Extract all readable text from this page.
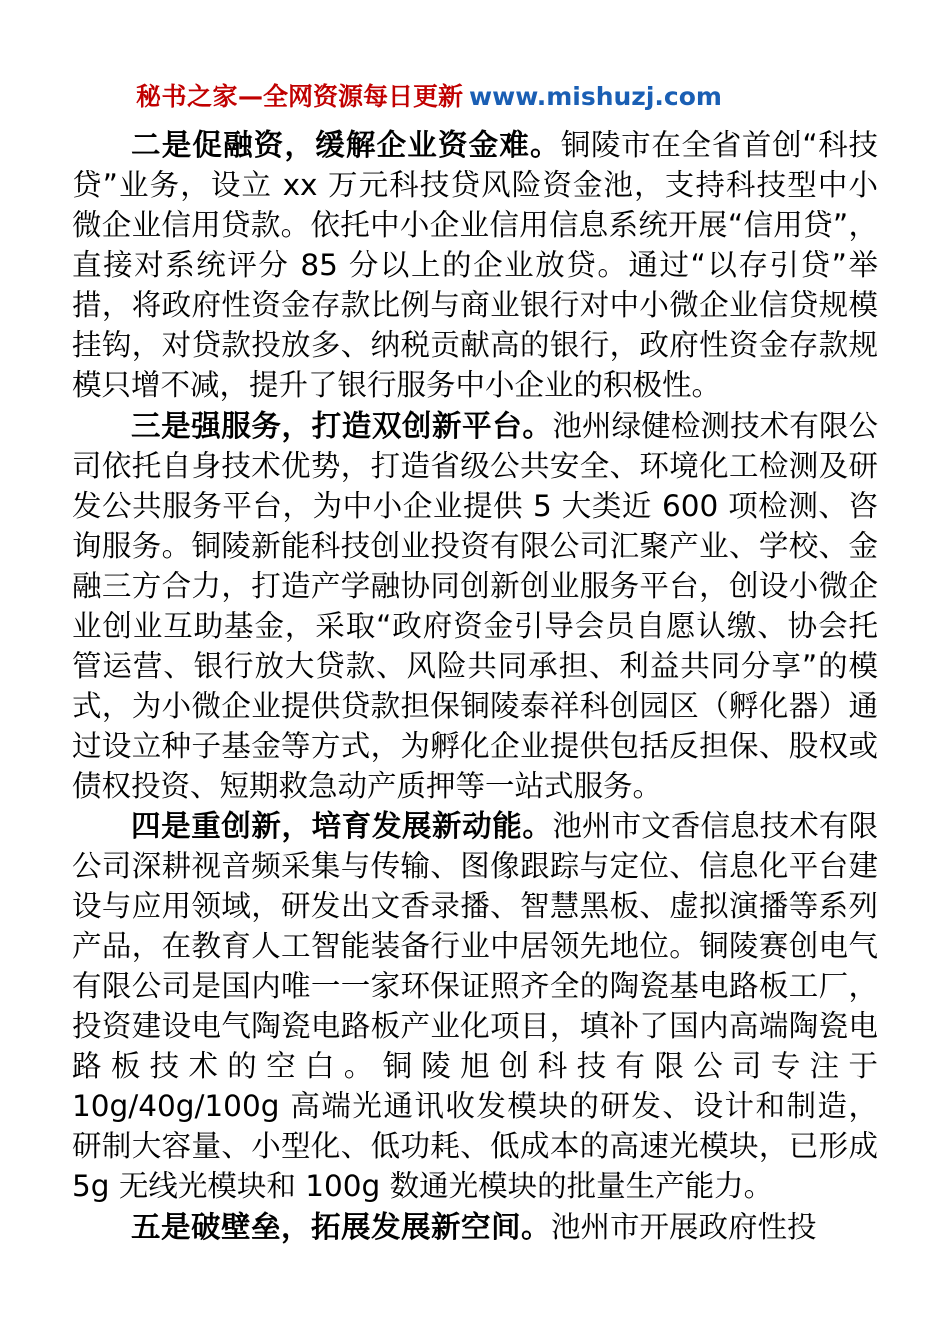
秘书之家—全网资源每日更新 www.mishuzj.com

二是促融资，缓解企业资金难。铜陵市在全省首创“科技贷”业务，设立 xx 万元科技贷风险资金池，支持科技型中小微企业信用贷款。依托中小企业信用信息系统开展“信用贷”，直接对系统评分 85 分以上的企业放贷。通过“以存引贷”举措，将政府性资金存款比例与商业银行对中小微企业信贷规模挂钩，对贷款投放多、纳税贡献高的银行，政府性资金存款规模只增不减，提升了银行服务中小企业的积极性。

三是强服务，打造双创新平台。池州绿健检测技术有限公司依托自身技术优势，打造省级公共安全、环境化工检测及研发公共服务平台，为中小企业提供 5 大类近 600 项检测、咨询服务。铜陵新能科技创业投资有限公司汇聚产业、学校、金融三方合力，打造产学融协同创新创业服务平台，创设小微企业创业互助基金，采取“政府资金引导会员自愿认缴、协会托管运营、银行放大贷款、风险共同承担、利益共同分享”的模式，为小微企业提供贷款担保铜陵泰祥科创园区（孵化器）通过设立种子基金等方式，为孵化企业提供包括反担保、股权或债权投资、短期救急动产质押等一站式服务。

四是重创新，培育发展新动能。池州市文香信息技术有限公司深耕视音频采集与传输、图像跟踪与定位、信息化平台建设与应用领域，研发出文香录播、智慧黑板、虚拟演播等系列产品，在教育人工智能装备行业中居领先地位。铜陵赛创电气有限公司是国内唯一一家环保证照齐全的陶瓷基电路板工厂，投资建设电气陶瓷电路板产业化项目，填补了国内高端陶瓷电路板技术的空白。铜陵旭创科技有限公司专注于 10g/40g/100g 高端光通讯收发模块的研发、设计和制造，研制大容量、小型化、低功耗、低成本的高速光模块，已形成 5g 无线光模块和 100g 数通光模块的批量生产能力。

五是破壁垒，拓展发展新空间。池州市开展政府性投
